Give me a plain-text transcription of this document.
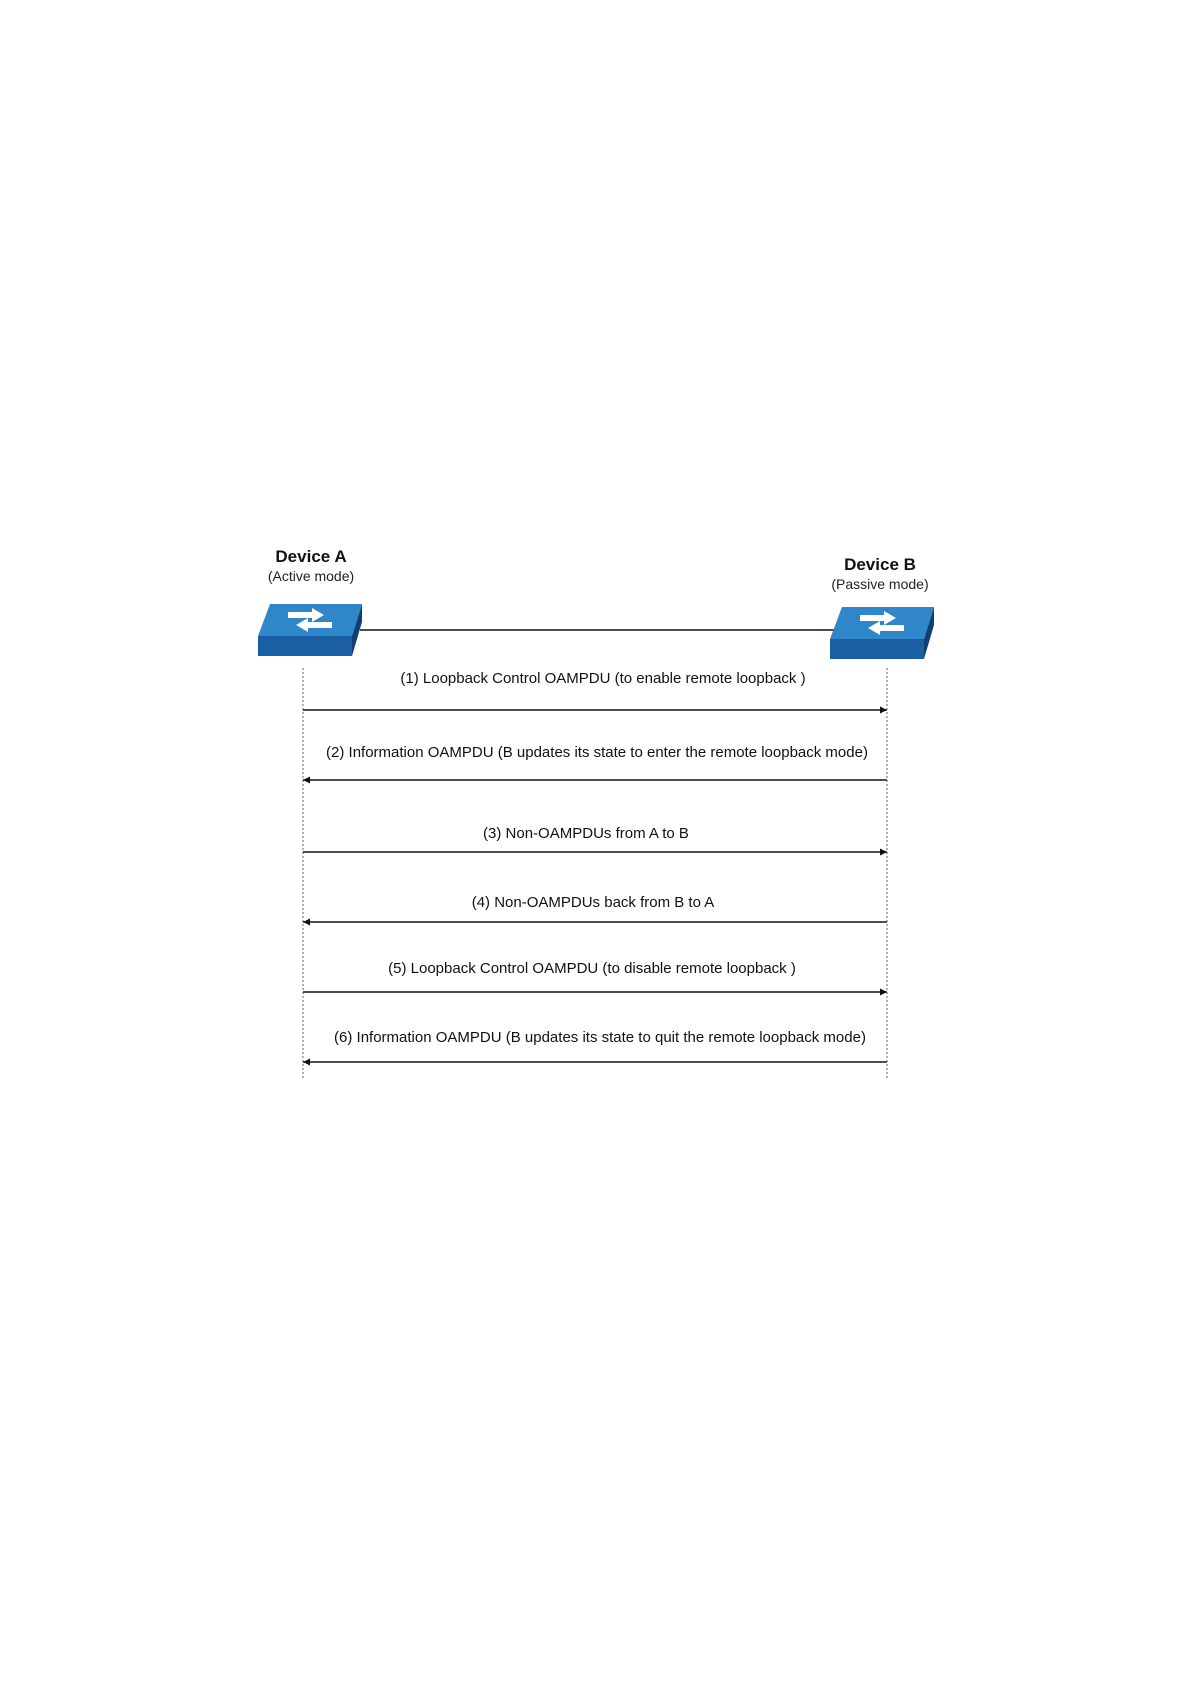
Device A
(Active mode)
Device B
(Passive mode)
(1) Loopback Control OAMPDU (to enable remote loopback )
(2) Information OAMPDU (B updates its state to enter the remote loopback mode)
(3) Non-OAMPDUs from A to B
(4) Non-OAMPDUs back from B to A
(5) Loopback Control OAMPDU (to disable remote loopback )
(6) Information OAMPDU (B updates its state to quit the remote loopback mode)
